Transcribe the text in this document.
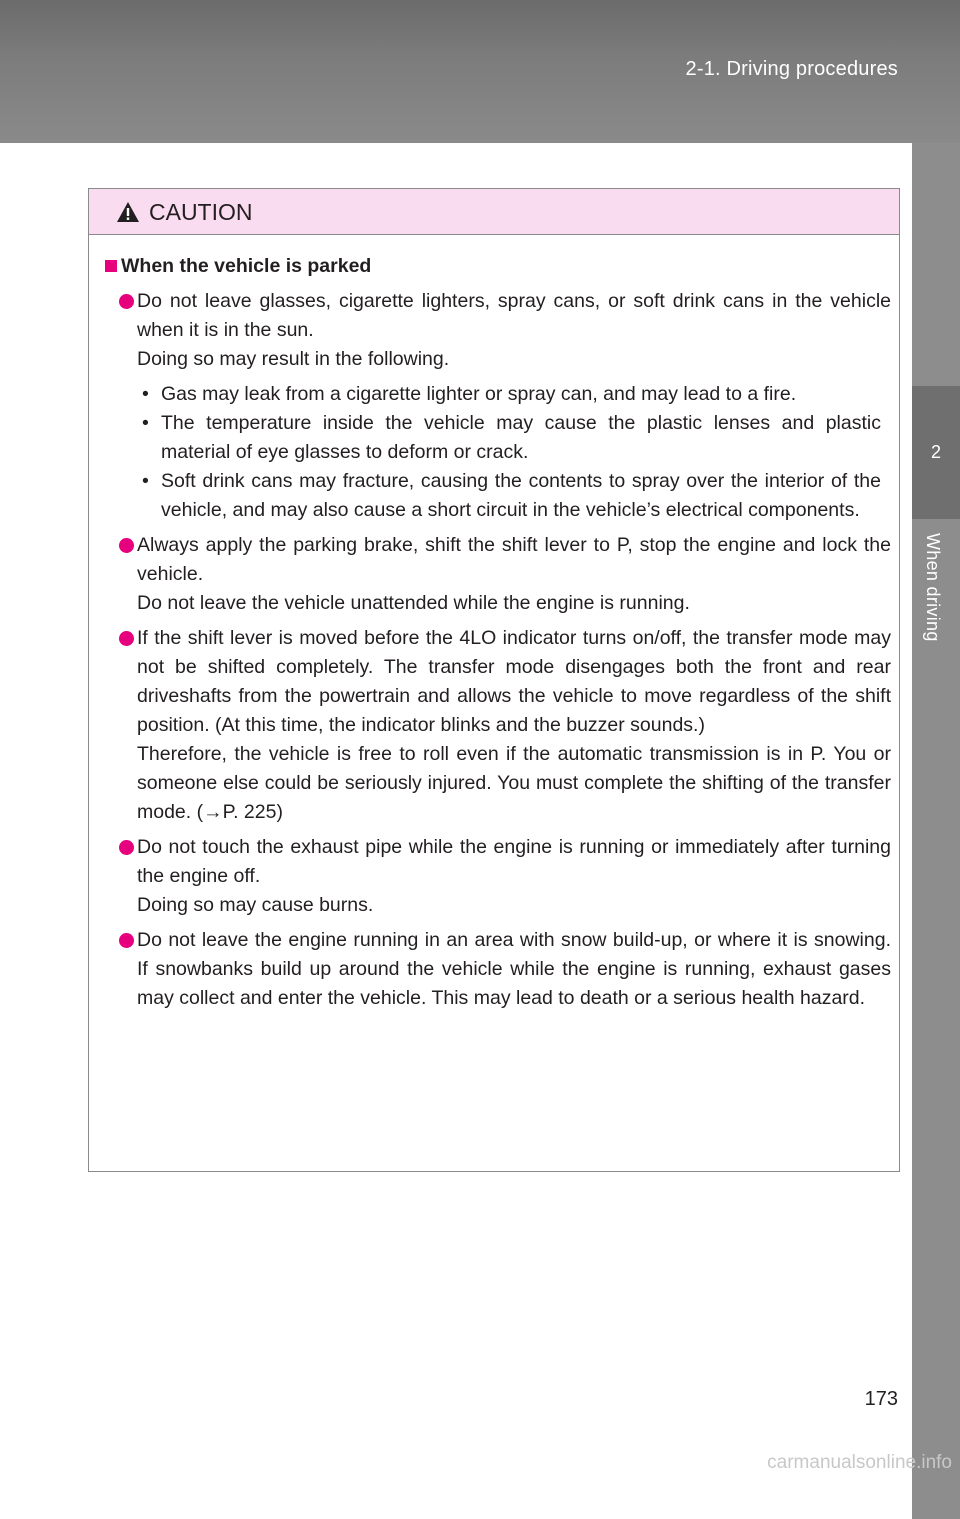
2-1. Driving procedures
2
When driving
CAUTION
When the vehicle is parked

Do not leave glasses, cigarette lighters, spray cans, or soft drink cans in the vehicle when it is in the sun.

Doing so may result in the following.

• Gas may leak from a cigarette lighter or spray can, and may lead to a fire.
• The temperature inside the vehicle may cause the plastic lenses and plastic material of eye glasses to deform or crack.
• Soft drink cans may fracture, causing the contents to spray over the interior of the vehicle, and may also cause a short circuit in the vehicle’s electrical components.

Always apply the parking brake, shift the shift lever to P, stop the engine and lock the vehicle.

Do not leave the vehicle unattended while the engine is running.

If the shift lever is moved before the 4LO indicator turns on/off, the transfer mode may not be shifted completely. The transfer mode disengages both the front and rear driveshafts from the powertrain and allows the vehicle to move regardless of the shift position. (At this time, the indicator blinks and the buzzer sounds.)

Therefore, the vehicle is free to roll even if the automatic transmission is in P. You or someone else could be seriously injured. You must complete the shifting of the transfer mode. (→P. 225)

Do not touch the exhaust pipe while the engine is running or immediately after turning the engine off.

Doing so may cause burns.

Do not leave the engine running in an area with snow build-up, or where it is snowing. If snowbanks build up around the vehicle while the engine is running, exhaust gases may collect and enter the vehicle. This may lead to death or a serious health hazard.

173
carmanualsonline.info
